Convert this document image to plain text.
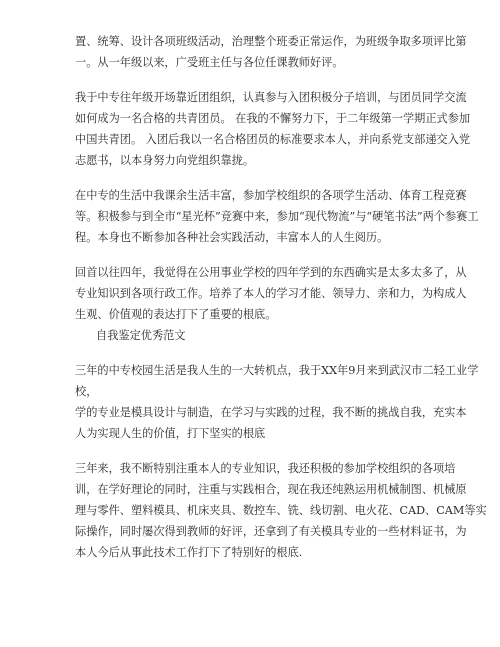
置、统筹、设计各项班级活动，治理整个班委正常运作，为班级争取多项评比第
一。从一年级以来，广受班主任与各位任课教师好评。

我于中专往年级开场靠近团组织，认真参与入团积极分子培训，与团员同学交流
如何成为一名合格的共青团员。 在我的不懈努力下，于二年级第一学期正式参加
中国共青团。 入团后我以一名合格团员的标准要求本人，并向系党支部递交入党
志愿书，以本身努力向党组织靠拢。

在中专的生活中我课余生活丰富，参加学校组织的各项学生活动、体育工程竞赛
等。积极参与到全市“星光杯”竞赛中来，参加“现代物流”与“硬笔书法”两个参赛工
程。本身也不断参加各种社会实践活动，丰富本人的人生阅历。

回首以往四年，我觉得在公用事业学校的四年学到的东西确实是太多太多了，从
专业知识到各项行政工作。培养了本人的学习才能、领导力、亲和力，为构成人
生观、价值观的表达打下了重要的根底。

自我鉴定优秀范文

三年的中专校园生活是我人生的一大转机点，我于XX年9月来到武汉市二轻工业学
校，
学的专业是模具设计与制造，在学习与实践的过程，我不断的挑战自我，充实本
人为实现人生的价值，打下坚实的根底

三年来，我不断特别注重本人的专业知识，我还积极的参加学校组织的各项培
训，在学好理论的同时，注重与实践相合，现在我还纯熟运用机械制图、机械原
理与零件、塑料模具、机床夹具、数控车、铣、线切割、电火花、CAD、CAM等实
际操作，同时屡次得到教师的好评，还拿到了有关模具专业的一些材料证书，为
本人今后从事此技术工作打下了特别好的根底.
